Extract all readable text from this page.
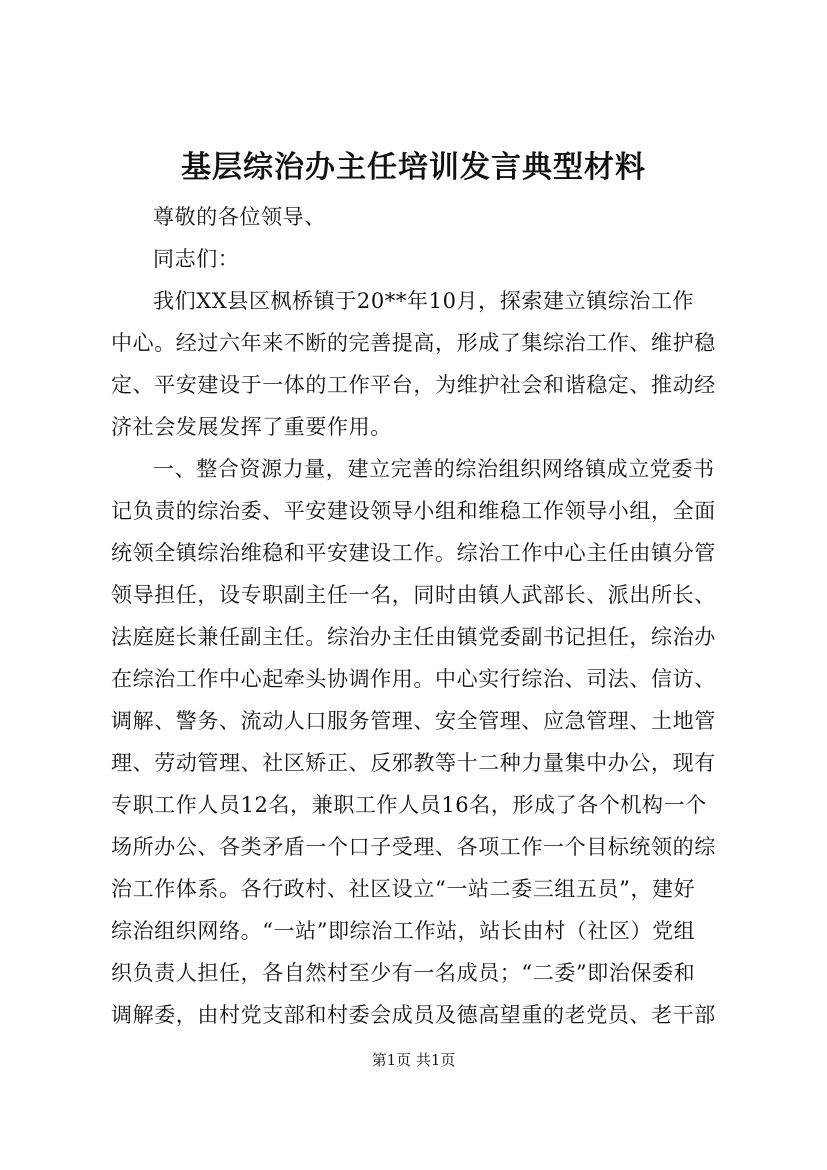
基层综治办主任培训发言典型材料
尊敬的各位领导、
同志们：
我们XX县区枫桥镇于20**年10月，探索建立镇综治工作
中心。经过六年来不断的完善提高，形成了集综治工作、维护稳
定、平安建设于一体的工作平台，为维护社会和谐稳定、推动经
济社会发展发挥了重要作用。
一、整合资源力量，建立完善的综治组织网络镇成立党委书
记负责的综治委、平安建设领导小组和维稳工作领导小组，全面
统领全镇综治维稳和平安建设工作。综治工作中心主任由镇分管
领导担任，设专职副主任一名，同时由镇人武部长、派出所长、
法庭庭长兼任副主任。综治办主任由镇党委副书记担任，综治办
在综治工作中心起牵头协调作用。中心实行综治、司法、信访、
调解、警务、流动人口服务管理、安全管理、应急管理、土地管
理、劳动管理、社区矫正、反邪教等十二种力量集中办公，现有
专职工作人员12名，兼职工作人员16名，形成了各个机构一个
场所办公、各类矛盾一个口子受理、各项工作一个目标统领的综
治工作体系。各行政村、社区设立“一站二委三组五员”，建好
综治组织网络。“一站”即综治工作站，站长由村（社区）党组
织负责人担任，各自然村至少有一名成员；“二委”即治保委和
调解委，由村党支部和村委会成员及德高望重的老党员、老干部
第1页 共1页
